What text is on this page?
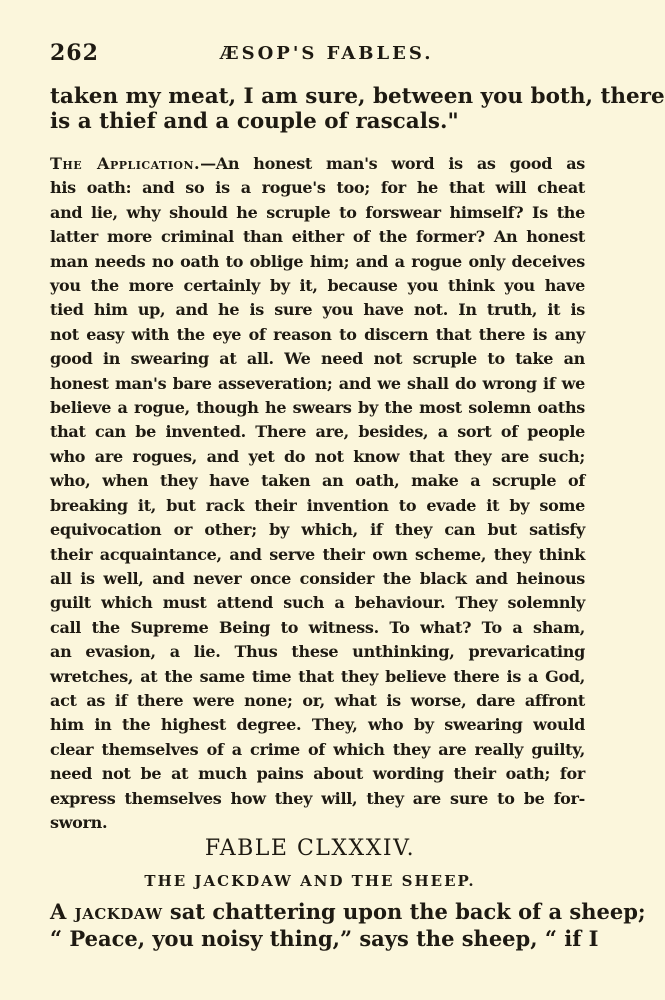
262	ÆSOP'S FABLES.
taken my meat, I am sure, between you both, there
is a thief and a couple of rascals."
The Application.—An honest man's word is as good as
his oath: and so is a rogue's too; for he that will cheat
and lie, why should he scruple to forswear himself? Is the
latter more criminal than either of the former? An honest
man needs no oath to oblige him; and a rogue only deceives
you the more certainly by it, because you think you have
tied him up, and he is sure you have not. In truth, it is
not easy with the eye of reason to discern that there is any
good in swearing at all. We need not scruple to take an
honest man's bare asseveration; and we shall do wrong if we
believe a rogue, though he swears by the most solemn oaths
that can be invented. There are, besides, a sort of people
who are rogues, and yet do not know that they are such;
who, when they have taken an oath, make a scruple of
breaking it, but rack their invention to evade it by some
equivocation or other; by which, if they can but satisfy
their acquaintance, and serve their own scheme, they think
all is well, and never once consider the black and heinous
guilt which must attend such a behaviour. They solemnly
call the Supreme Being to witness. To what? To a sham,
an evasion, a lie. Thus these unthinking, prevaricating
wretches, at the same time that they believe there is a God,
act as if there were none; or, what is worse, dare affront
him in the highest degree. They, who by swearing would
clear themselves of a crime of which they are really guilty,
need not be at much pains about wording their oath; for
express themselves how they will, they are sure to be for-
sworn.
FABLE CLXXXIV.
THE JACKDAW AND THE SHEEP.
A jackdaw sat chattering upon the back of a sheep;
“ Peace, you noisy thing,” says the sheep, “ if I
